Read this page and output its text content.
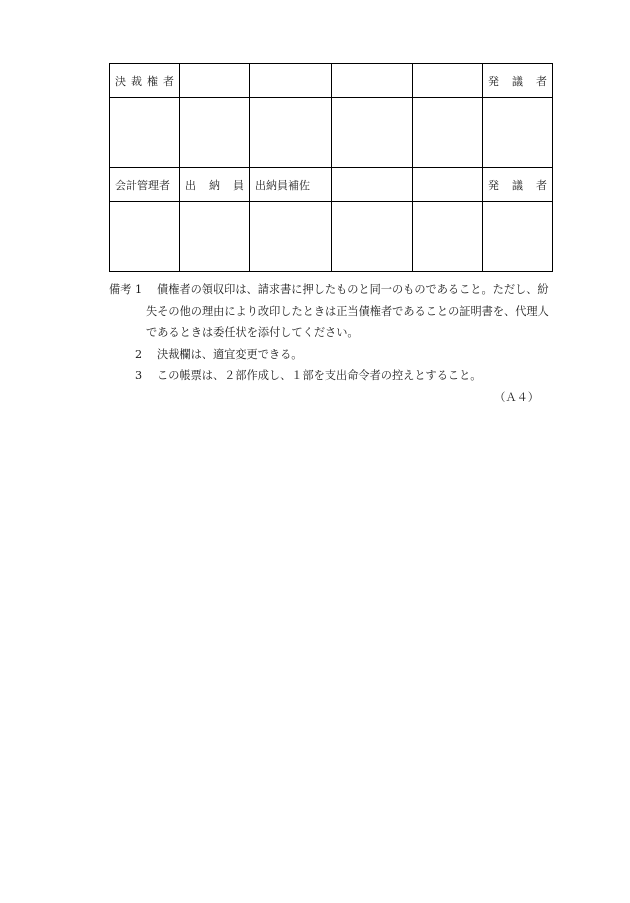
決 裁 権 者					発　議　者

会計管理者	出　納　員	出納員補佐			発　議　者

備考 1	債権者の領収印は、請求書に押したものと同一のものであること。ただし、紛
失その他の理由により改印したときは正当債権者であることの証明書を、代理人
であるときは委任状を添付してください。
2	決裁欄は、適宜変更できる。
3	この帳票は、２部作成し、１部を支出命令者の控えとすること。
（Ａ４）
